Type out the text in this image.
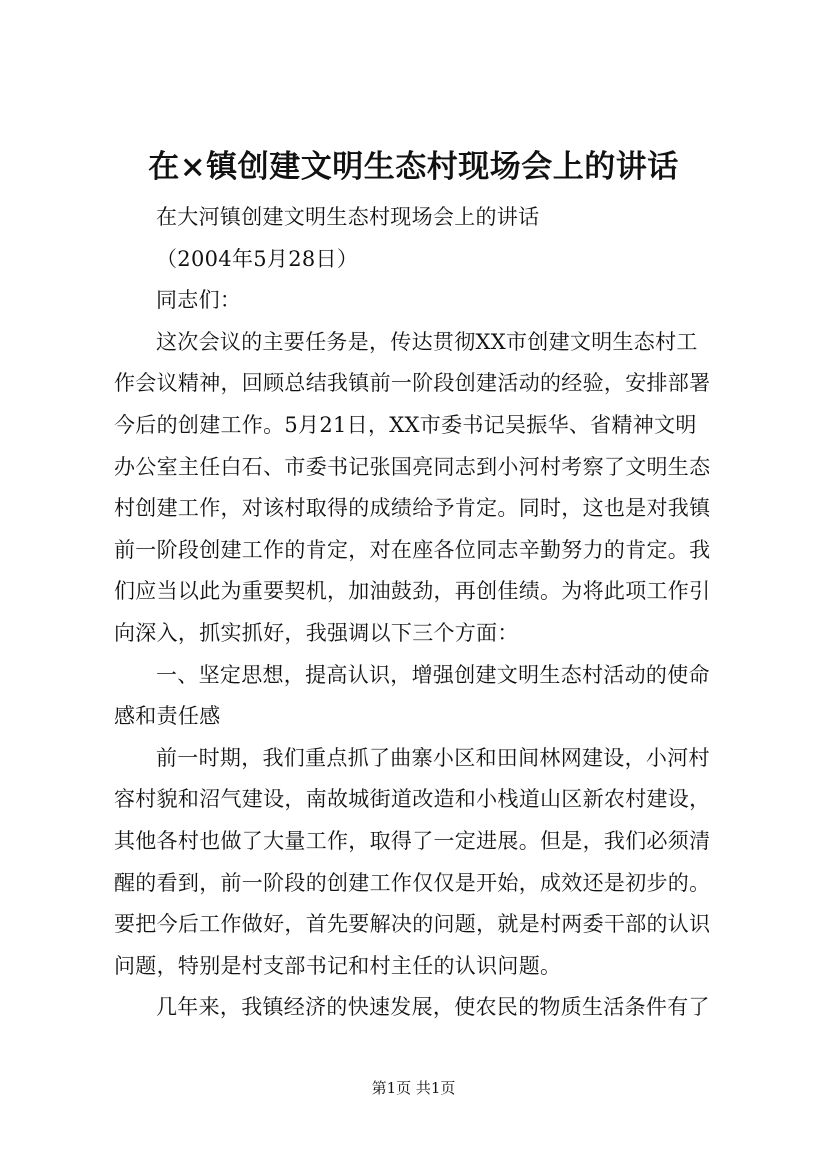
在×镇创建文明生态村现场会上的讲话
在大河镇创建文明生态村现场会上的讲话
（2004年5月28日）
同志们：
这次会议的主要任务是，传达贯彻XX市创建文明生态村工
作会议精神，回顾总结我镇前一阶段创建活动的经验，安排部署
今后的创建工作。5月21日，XX市委书记吴振华、省精神文明
办公室主任白石、市委书记张国亮同志到小河村考察了文明生态
村创建工作，对该村取得的成绩给予肯定。同时，这也是对我镇
前一阶段创建工作的肯定，对在座各位同志辛勤努力的肯定。我
们应当以此为重要契机，加油鼓劲，再创佳绩。为将此项工作引
向深入，抓实抓好，我强调以下三个方面：
一、坚定思想，提高认识，增强创建文明生态村活动的使命
感和责任感
前一时期，我们重点抓了曲寨小区和田间林网建设，小河村
容村貌和沼气建设，南故城街道改造和小栈道山区新农村建设，
其他各村也做了大量工作，取得了一定进展。但是，我们必须清
醒的看到，前一阶段的创建工作仅仅是开始，成效还是初步的。
要把今后工作做好，首先要解决的问题，就是村两委干部的认识
问题，特别是村支部书记和村主任的认识问题。
几年来，我镇经济的快速发展，使农民的物质生活条件有了
第1页 共1页
